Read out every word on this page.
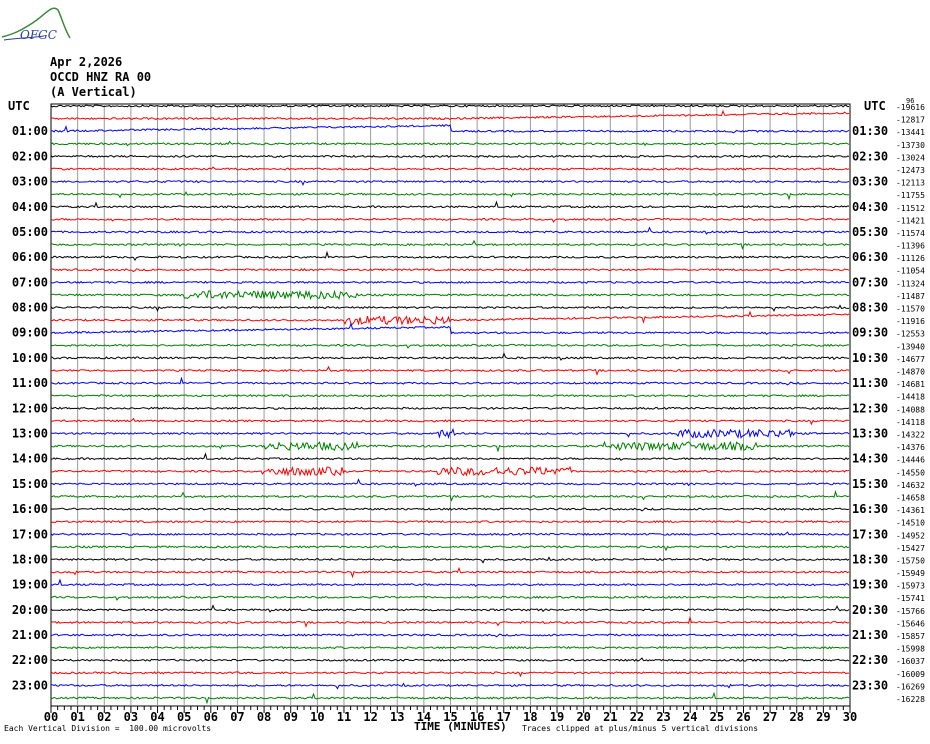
OFGC
Apr 2,2026
OCCD HNZ RA 00
(A Vertical)
00 01 02 03 04 05 06 07 08 09 10 11 12 13 14 15 16 17 18 19 20 21 22 23 24 25 26 27 28 29 30
-19616
-12817
-13441
-13730
-13024
-12473
-12113
-11755
-11512
-11421
-11574
-11396
-11126
-11054
-11324
-11487
-11570
-11916
-12553
-13940
-14677
-14870
-14681
-14418
-14088
-14118
-14322
-14376
-14446
-14550
-14632
-14658
-14361
-14510
-14952
-15427
-15750
-15949
-15973
-15741
-15766
-15646
-15857
-15998
-16037
-16009
-16269
-16228
UTC	UTC
01:00	01:30
02:00	02:30
03:00	03:30
04:00	04:30
05:00	05:30
06:00	06:30
07:00	07:30
08:00	08:30
09:00	09:30
10:00	10:30
11:00	11:30
12:00	12:30
13:00	13:30
14:00	14:30
15:00	15:30
16:00	16:30
17:00	17:30
18:00	18:30
19:00	19:30
20:00	20:30
21:00	21:30
22:00	22:30
23:00	23:30
96
Each Vertical Division =  100.00 microvolts	TIME (MINUTES) Traces clipped at plus/minus 5 vertical divisions
